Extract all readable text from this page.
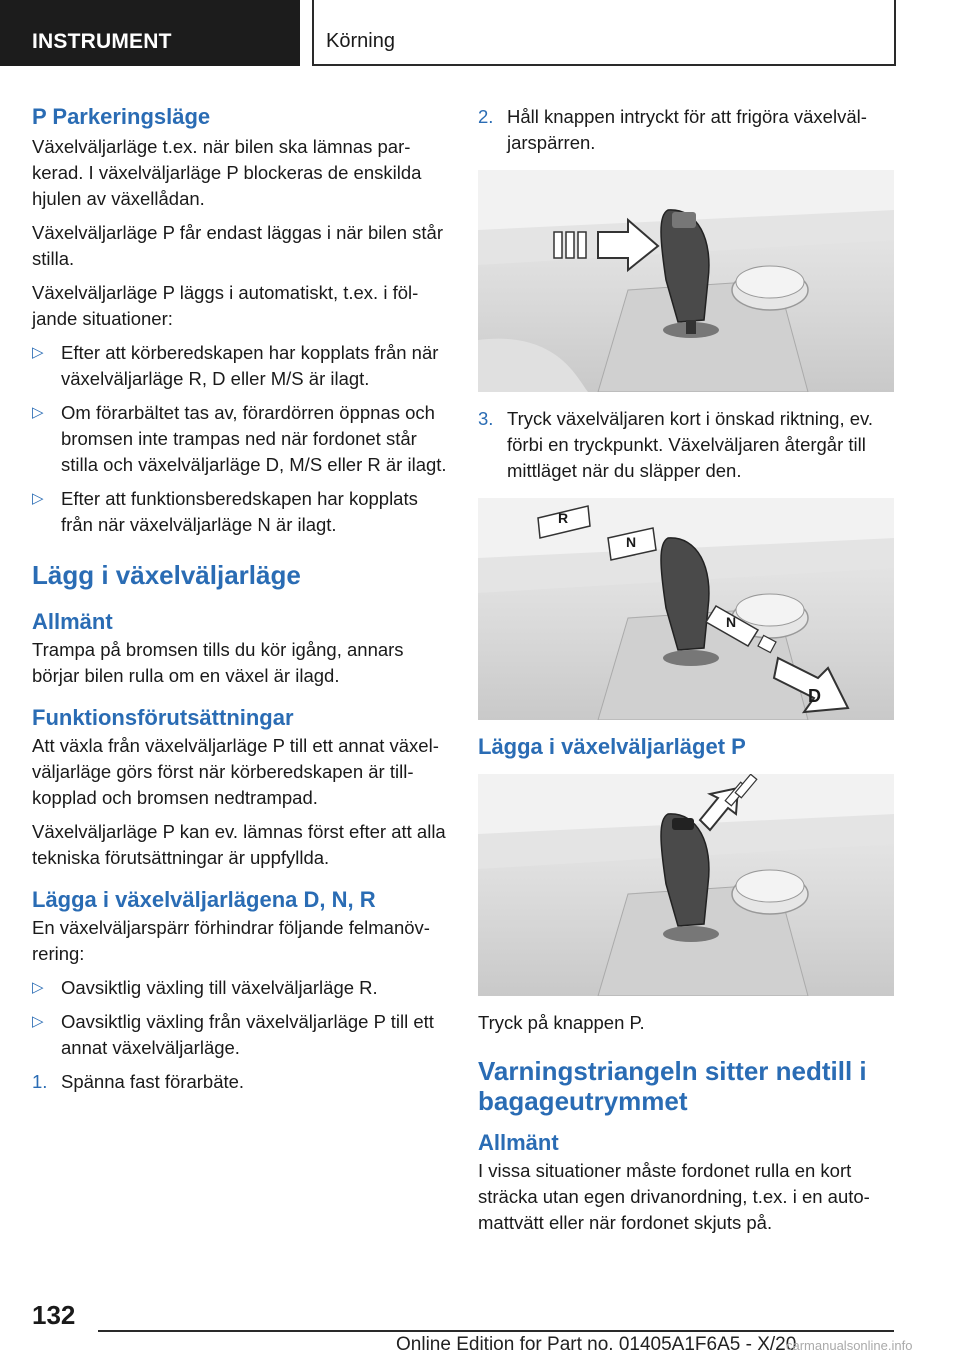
INSTRUMENT	Körning
P Parkeringsläge

Växelväljarläge t.ex. när bilen ska lämnas par-kerad. I växelväljarläge P blockeras de enskilda hjulen av växellådan.

Växelväljarläge P får endast läggas i när bilen står stilla.

Växelväljarläge P läggs i automatiskt, t.ex. i föl-jande situationer:

▷ Efter att körberedskapen har kopplats från när växelväljarläge R, D eller M/S är ilagt.
▷ Om förarbältet tas av, förardörren öppnas och bromsen inte trampas ned när fordonet står stilla och växelväljarläge D, M/S eller R är ilagt.
▷ Efter att funktionsberedskapen har kopplats från när växelväljarläge N är ilagt.
Lägg i växelväljarläge
Allmänt

Trampa på bromsen tills du kör igång, annars börjar bilen rulla om en växel är ilagd.

Funktionsförutsättningar

Att växla från växelväljarläge P till ett annat växel-väljarläge görs först när körberedskapen är till-kopplad och bromsen nedtrampad.

Växelväljarläge P kan ev. lämnas först efter att alla tekniska förutsättningar är uppfyllda.

Lägga i växelväljarlägena D, N, R

En växelväljarspärr förhindrar följande felmanöv-rering:

▷ Oavsiktlig växling till växelväljarläge R.
▷ Oavsiktlig växling från växelväljarläge P till ett annat växelväljarläge.
1. Spänna fast förarbäte.
2. Håll knappen intryckt för att frigöra växelväl-jarspärren.
3. Tryck växelväljaren kort i önskad riktning, ev. förbi en tryckpunkt. Växelväljaren återgår till mittläget när du släpper den.
R
N
N
D
Lägga i växelväljarläget P

Tryck på knappen P.

Varningstriangeln sitter nedtill i bagageutrymmet
Allmänt

I vissa situationer måste fordonet rulla en kort sträcka utan egen drivanordning, t.ex. i en auto-mattvätt eller när fordonet skjuts på.

132
Online Edition for Part no. 01405A1F6A5 - X/20
carmanualsonline.info
